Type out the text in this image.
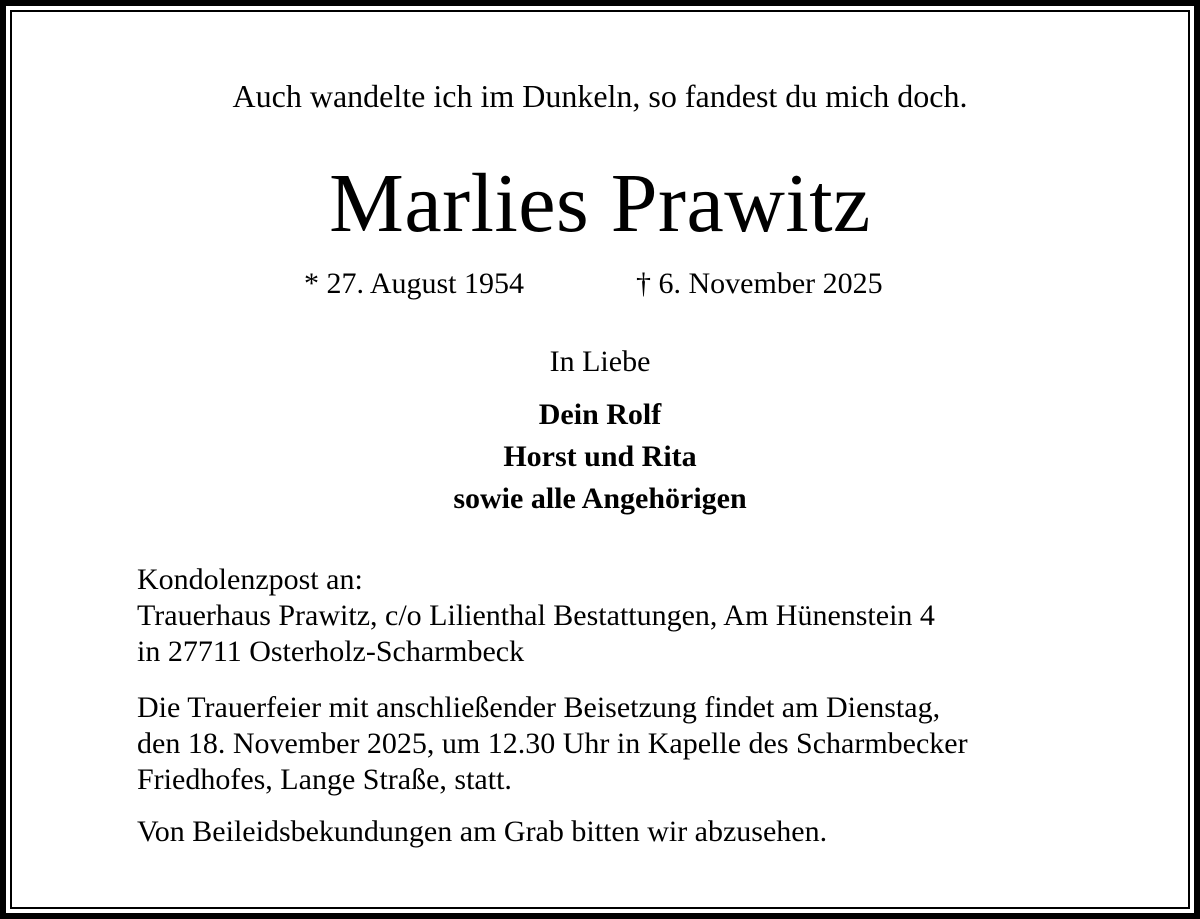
Auch wandelte ich im Dunkeln, so fandest du mich doch.
Marlies Prawitz
* 27. August 1954	† 6. November 2025
In Liebe
Dein Rolf
Horst und Rita
sowie alle Angehörigen
Kondolenzpost an:
Trauerhaus Prawitz, c/o Lilienthal Bestattungen, Am Hünenstein 4
in 27711 Osterholz-Scharmbeck
Die Trauerfeier mit anschließender Beisetzung findet am Dienstag,
den 18. November 2025, um 12.30 Uhr in Kapelle des Scharmbecker
Friedhofes, Lange Straße, statt.
Von Beileidsbekundungen am Grab bitten wir abzusehen.
